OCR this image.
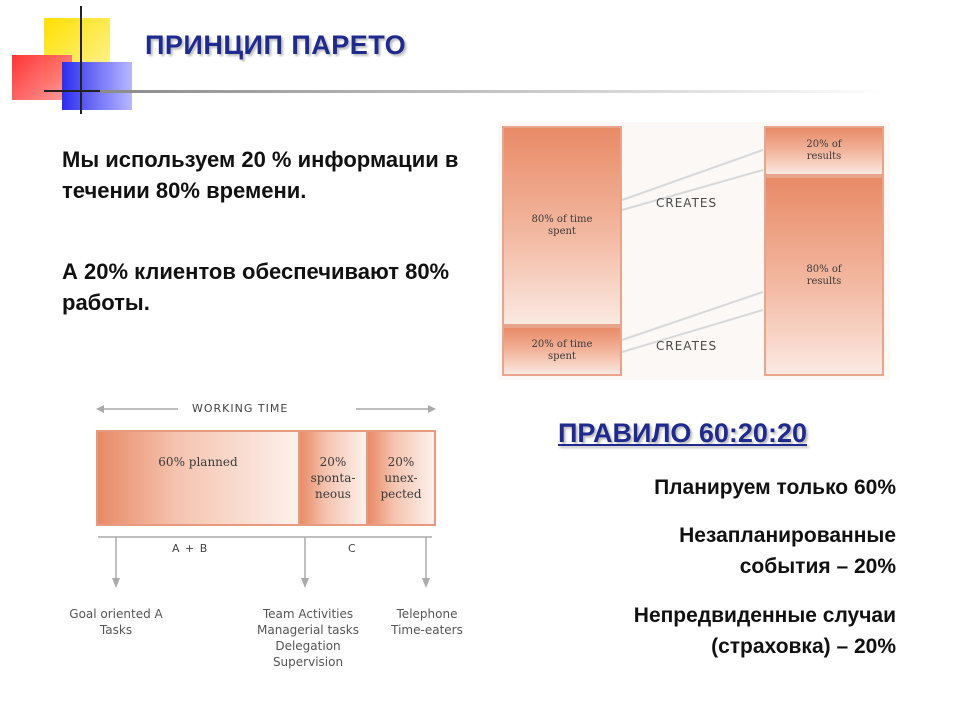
ПРИНЦИП ПАРЕТО
Мы используем 20 % информации в течении 80% времени.
А 20% клиентов обеспечивают 80% работы.
80% of time spent
20% of time spent
20% of results
80% of results
CREATES
CREATES
WORKING TIME
60% planned	20% sponta-neous
20% unex-pected
A + B	C
Goal oriented A Tasks
Team Activities Managerial tasks Delegation Supervision
Telephone Time-eaters
ПРАВИЛО 60:20:20
Планируем только 60%
Незапланированные
события – 20%
Непредвиденные случаи
(страховка) – 20%
